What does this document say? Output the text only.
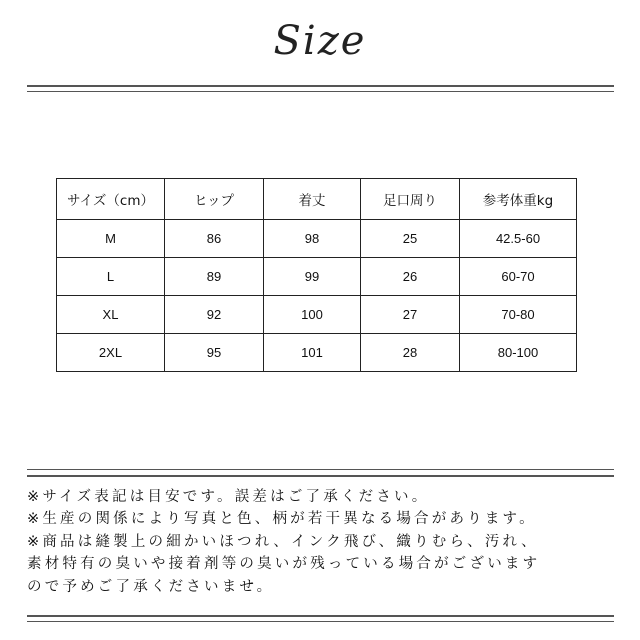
Size
サイズ（cm）	ヒップ	着丈	足口周り	参考体重kg
M	86	98	25	42.5-60
L	89	99	26	60-70
XL	92	100	27	70-80
2XL	95	101	28	80-100
※サイズ表記は目安です。誤差はご了承ください。
※生産の関係により写真と色、柄が若干異なる場合があります。
※商品は縫製上の細かいほつれ、インク飛び、織りむら、汚れ、
素材特有の臭いや接着剤等の臭いが残っている場合がございます
ので予めご了承くださいませ。
